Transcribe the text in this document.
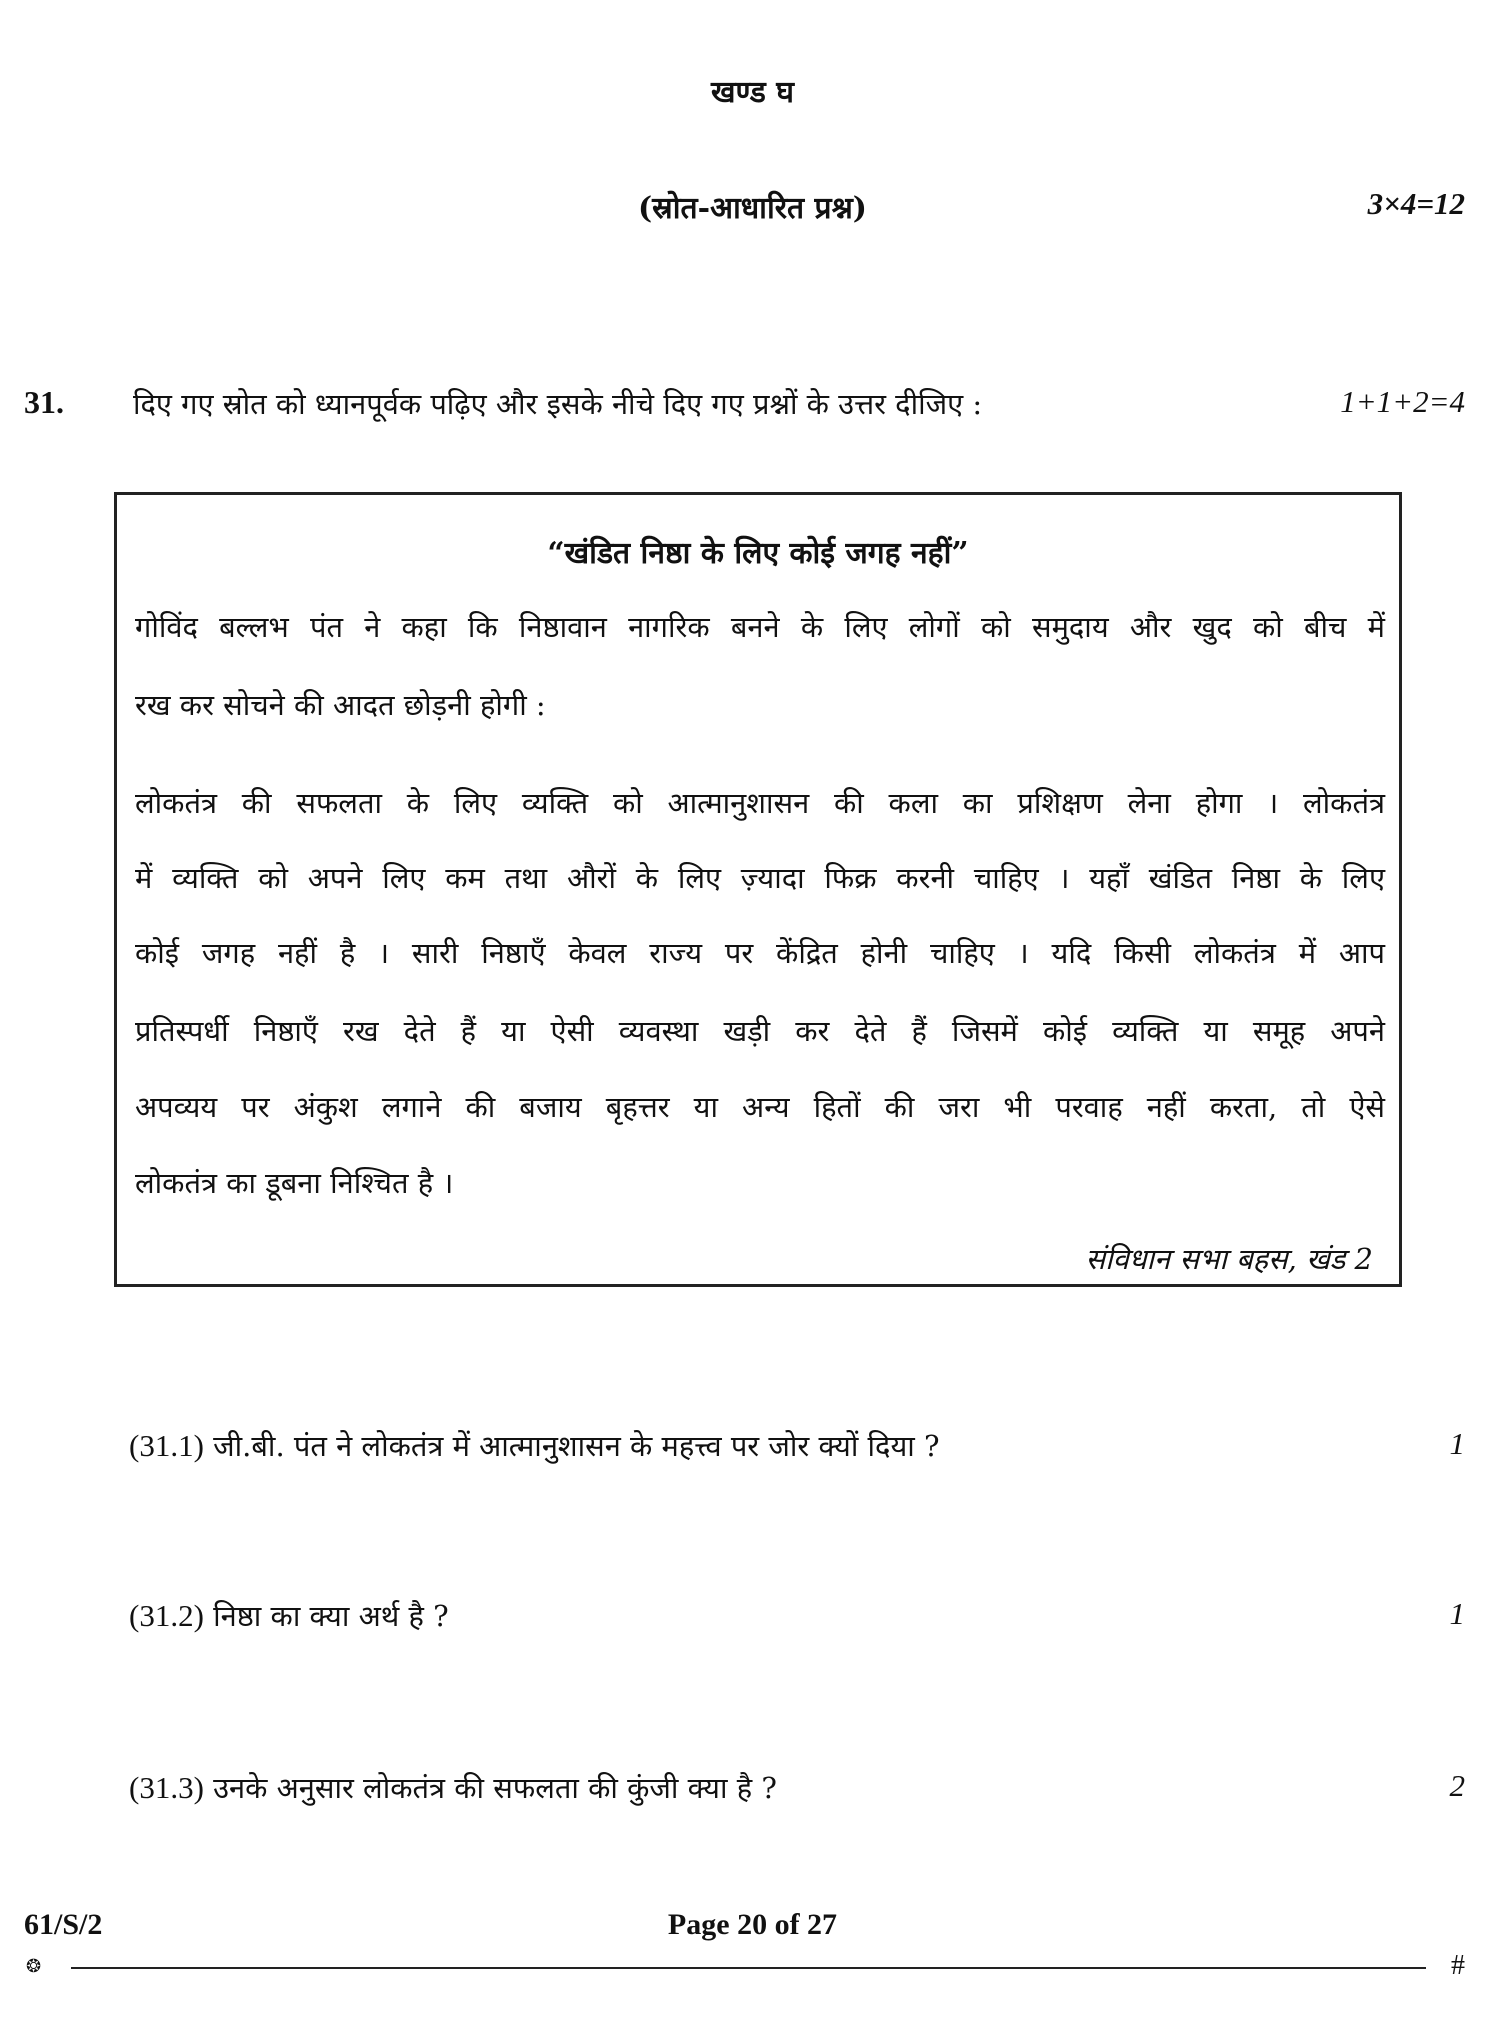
खण्ड घ
(स्रोत-आधारित प्रश्न)	3×4=12
31. दिए गए स्रोत को ध्यानपूर्वक पढ़िए और इसके नीचे दिए गए प्रश्नों के उत्तर दीजिए :	1+1+2=4
“खंडित निष्ठा के लिए कोई जगह नहीं”
गोविंद बल्लभ पंत ने कहा कि निष्ठावान नागरिक बनने के लिए लोगों को समुदाय और खुद को बीच में
रख कर सोचने की आदत छोड़नी होगी :
लोकतंत्र की सफलता के लिए व्यक्ति को आत्मानुशासन की कला का प्रशिक्षण लेना होगा । लोकतंत्र
में व्यक्ति को अपने लिए कम तथा औरों के लिए ज़्यादा फिक्र करनी चाहिए । यहाँ खंडित निष्ठा के लिए
कोई जगह नहीं है । सारी निष्ठाएँ केवल राज्य पर केंद्रित होनी चाहिए । यदि किसी लोकतंत्र में आप
प्रतिस्पर्धी निष्ठाएँ रख देते हैं या ऐसी व्यवस्था खड़ी कर देते हैं जिसमें कोई व्यक्ति या समूह अपने
अपव्यय पर अंकुश लगाने की बजाय बृहत्तर या अन्य हितों की जरा भी परवाह नहीं करता, तो ऐसे
लोकतंत्र का डूबना निश्चित है ।
संविधान सभा बहस, खंड 2
(31.1) जी.बी. पंत ने लोकतंत्र में आत्मानुशासन के महत्त्व पर जोर क्यों दिया ?	1
(31.2) निष्ठा का क्या अर्थ है ?	1
(31.3) उनके अनुसार लोकतंत्र की सफलता की कुंजी क्या है ?	2
61/S/2	Page 20 of 27
❂	#
